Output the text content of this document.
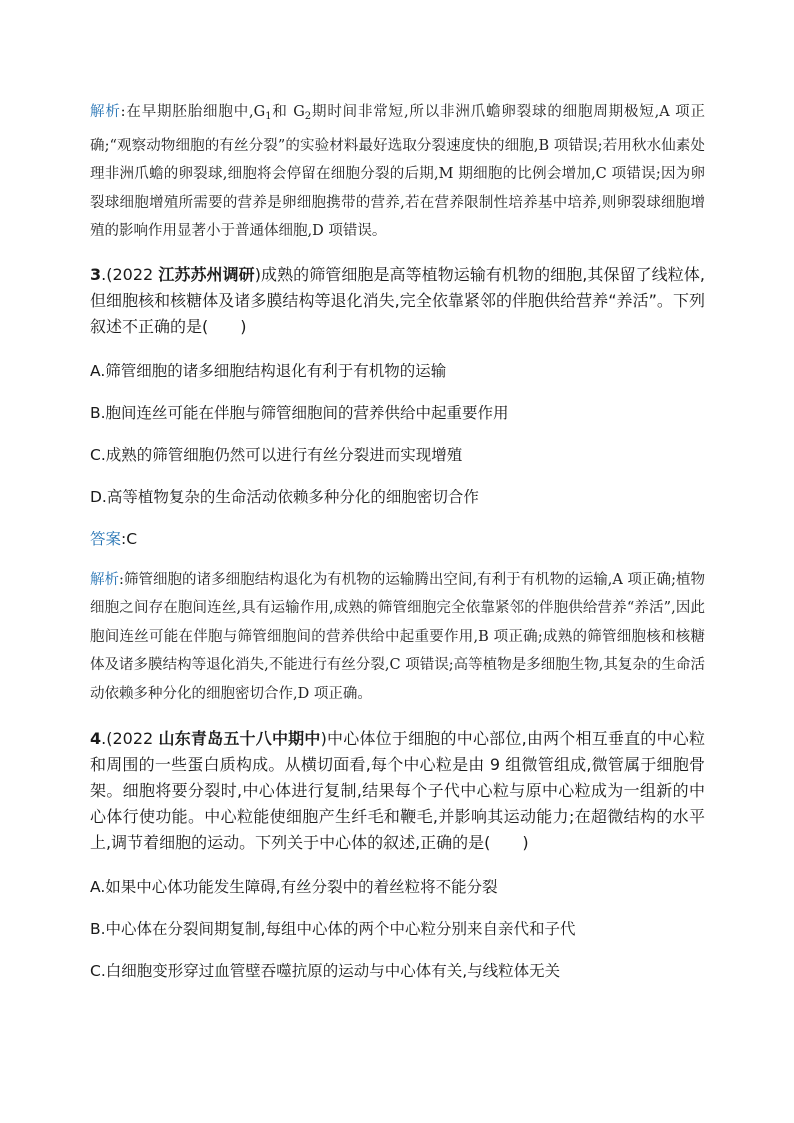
解析:在早期胚胎细胞中$,G_1$和 $G_2$期时间非常短,所以非洲爪蟾卵裂球的细胞周期极短,A 项正确;“观察动物细胞的有丝分裂”的实验材料最好选取分裂速度快的细胞,B 项错误;若用秋水仙素处理非洲爪蟾的卵裂球,细胞将会停留在细胞分裂的后期,M 期细胞的比例会增加,C 项错误;因为卵裂球细胞增殖所需要的营养是卵细胞携带的营养,若在营养限制性培养基中培养,则卵裂球细胞增殖的影响作用显著小于普通体细胞,D 项错误。

3.(2022 江苏苏州调研)成熟的筛管细胞是高等植物运输有机物的细胞,其保留了线粒体,但细胞核和核糖体及诸多膜结构等退化消失,完全依靠紧邻的伴胞供给营养“养活”。下列叙述不正确的是(　　)

A.筛管细胞的诸多细胞结构退化有利于有机物的运输

B.胞间连丝可能在伴胞与筛管细胞间的营养供给中起重要作用

C.成熟的筛管细胞仍然可以进行有丝分裂进而实现增殖

D.高等植物复杂的生命活动依赖多种分化的细胞密切合作

答案:C

解析:筛管细胞的诸多细胞结构退化为有机物的运输腾出空间,有利于有机物的运输,A 项正确;植物细胞之间存在胞间连丝,具有运输作用,成熟的筛管细胞完全依靠紧邻的伴胞供给营养“养活”,因此胞间连丝可能在伴胞与筛管细胞间的营养供给中起重要作用,B 项正确;成熟的筛管细胞核和核糖体及诸多膜结构等退化消失,不能进行有丝分裂,C 项错误;高等植物是多细胞生物,其复杂的生命活动依赖多种分化的细胞密切合作,D 项正确。

4.(2022 山东青岛五十八中期中)中心体位于细胞的中心部位,由两个相互垂直的中心粒和周围的一些蛋白质构成。从横切面看,每个中心粒是由 9 组微管组成,微管属于细胞骨架。细胞将要分裂时,中心体进行复制,结果每个子代中心粒与原中心粒成为一组新的中心体行使功能。中心粒能使细胞产生纤毛和鞭毛,并影响其运动能力;在超微结构的水平上,调节着细胞的运动。下列关于中心体的叙述,正确的是(　　)

A.如果中心体功能发生障碍,有丝分裂中的着丝粒将不能分裂

B.中心体在分裂间期复制,每组中心体的两个中心粒分别来自亲代和子代

C.白细胞变形穿过血管壁吞噬抗原的运动与中心体有关,与线粒体无关
